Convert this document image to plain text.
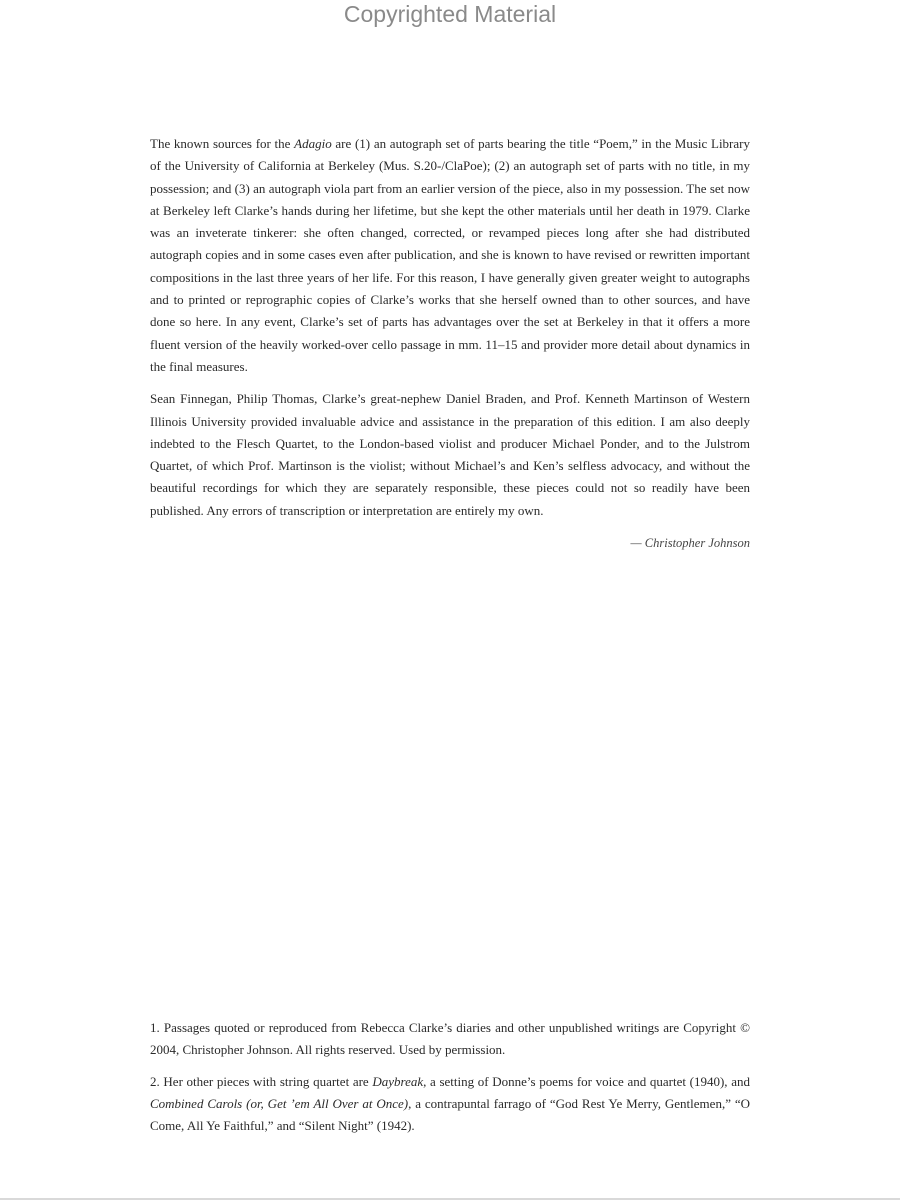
Copyrighted Material

The known sources for the Adagio are (1) an autograph set of parts bearing the title “Poem,” in the Music Library of the University of California at Berkeley (Mus. S.20-/ClaPoe); (2) an autograph set of parts with no title, in my possession; and (3) an autograph viola part from an earlier version of the piece, also in my possession. The set now at Berkeley left Clarke’s hands during her lifetime, but she kept the other materials until her death in 1979. Clarke was an inveterate tinkerer: she often changed, corrected, or revamped pieces long after she had distributed autograph copies and in some cases even after publication, and she is known to have revised or rewritten important compositions in the last three years of her life. For this reason, I have generally given greater weight to autographs and to printed or reprographic copies of Clarke’s works that she herself owned than to other sources, and have done so here. In any event, Clarke’s set of parts has advantages over the set at Berkeley in that it offers a more fluent version of the heavily worked-over cello passage in mm. 11–15 and provider more detail about dynamics in the final measures.

Sean Finnegan, Philip Thomas, Clarke’s great-nephew Daniel Braden, and Prof. Kenneth Martinson of Western Illinois University provided invaluable advice and assistance in the preparation of this edition. I am also deeply indebted to the Flesch Quartet, to the London-based violist and producer Michael Ponder, and to the Julstrom Quartet, of which Prof. Martinson is the violist; without Michael’s and Ken’s selfless advocacy, and without the beautiful recordings for which they are separately responsible, these pieces could not so readily have been published. Any errors of transcription or interpretation are entirely my own.

— Christopher Johnson

1. Passages quoted or reproduced from Rebecca Clarke’s diaries and other unpublished writings are Copyright © 2004, Christopher Johnson. All rights reserved. Used by permission.

2. Her other pieces with string quartet are Daybreak, a setting of Donne’s poems for voice and quartet (1940), and Combined Carols (or, Get ’em All Over at Once), a contrapuntal farrago of “God Rest Ye Merry, Gentlemen,” “O Come, All Ye Faithful,” and “Silent Night” (1942).
